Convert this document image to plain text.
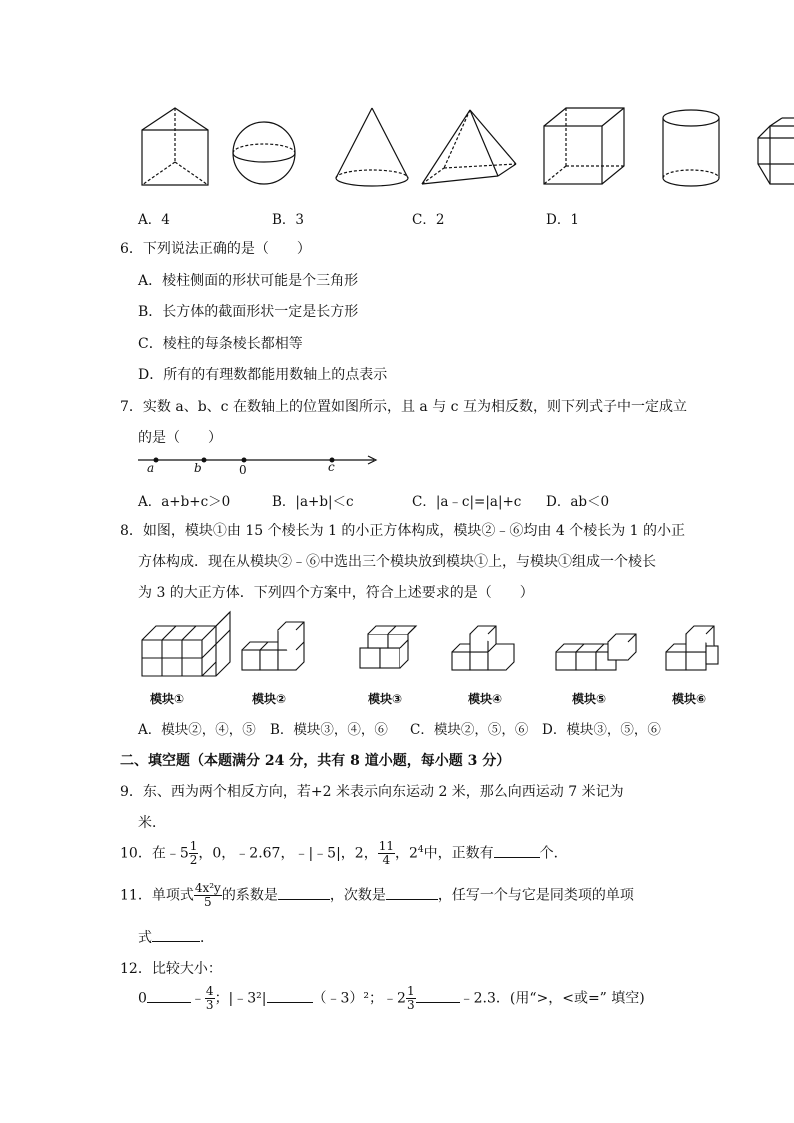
A．4	B．3	C．2	D．1
6．下列说法正确的是（　　）
A．棱柱侧面的形状可能是个三角形
B．长方体的截面形状一定是长方形
C．棱柱的每条棱长都相等
D．所有的有理数都能用数轴上的点表示
7．实数 a、b、c 在数轴上的位置如图所示，且 a 与 c 互为相反数，则下列式子中一定成立
的是（　　）
a	b	0	c
A．a+b+c＞0	B．|a+b|＜c	C．|a﹣c|=|a|+c D．ab＜0
8．如图，模块①由 15 个棱长为 1 的小正方体构成，模块②﹣⑥均由 4 个棱长为 1 的小正
方体构成．现在从模块②﹣⑥中选出三个模块放到模块①上，与模块①组成一个棱长
为 3 的大正方体．下列四个方案中，符合上述要求的是（　　）
模块①	模块②	模块③	模块④	模块⑤	模块⑥
A．模块②，④，⑤ B．模块③，④，⑥ C．模块②，⑤，⑥ D．模块③，⑤，⑥
二、填空题（本题满分 24 分，共有 8 道小题，每小题 3 分）
9．东、西为两个相反方向，若+2 米表示向东运动 2 米，那么向西运动 7 米记为
米．
10．在﹣5 $\frac{1}{2}$ ，0，﹣2.67，﹣|﹣5|，2， $\frac{11}{4}$ ，$2^4$中，正数有	个．
11．单项式 $\frac{\text{4x²y}}{5}$ 的系数是	，次数是	，任写一个与它是同类项的单项
式	．
12．比较大小：
0	﹣ $\frac{4}{3}$ ；|﹣3²|	（﹣3）²；﹣2 $\frac{1}{3}$	﹣2.3．(用“>，<或=” 填空)
